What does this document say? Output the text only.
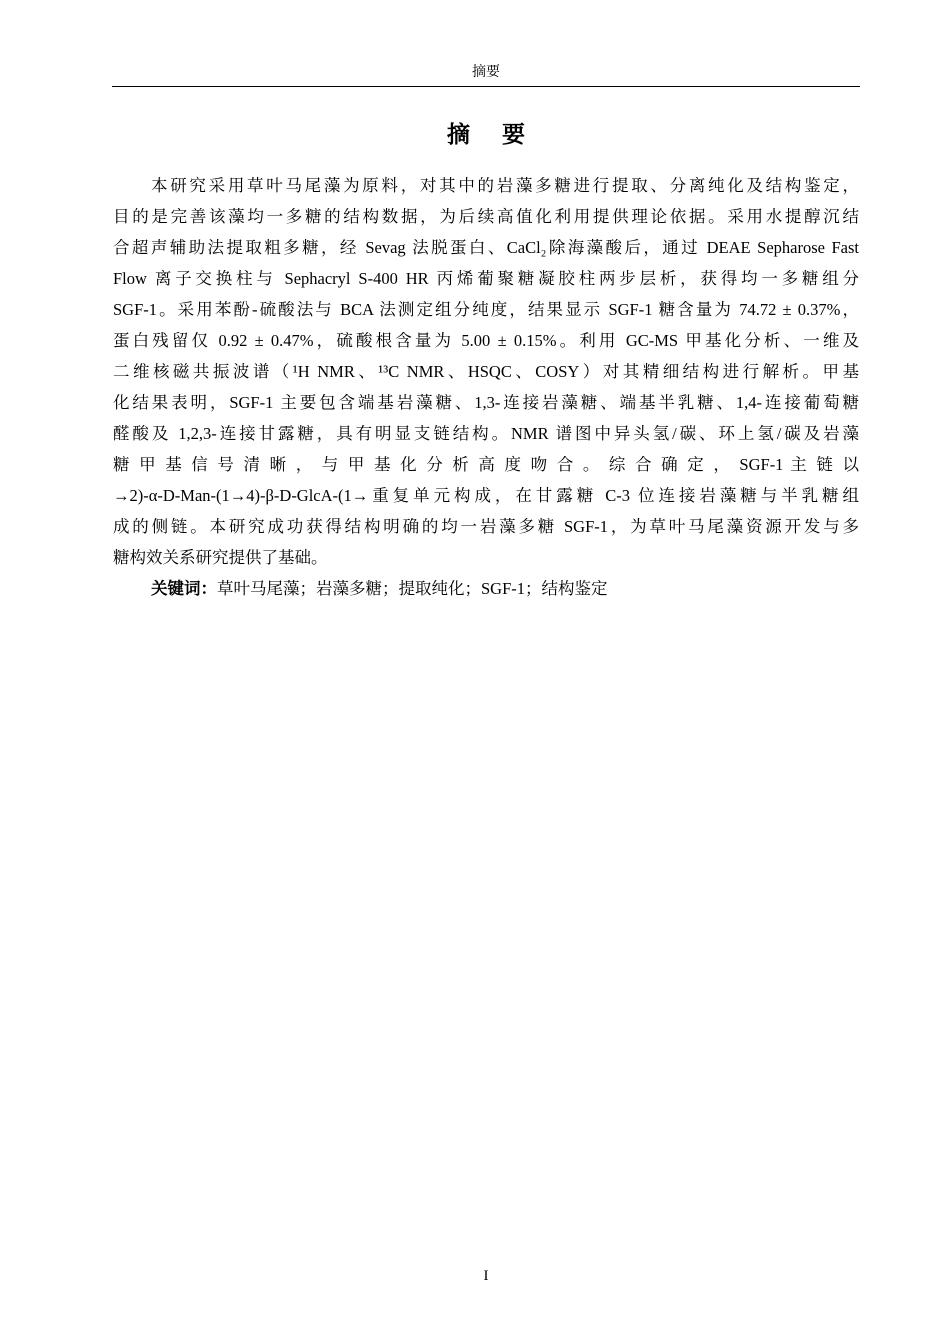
摘要
摘 要
本研究采用草叶马尾藻为原料，对其中的岩藻多糖进行提取、分离纯化及结构鉴定，
目的是完善该藻均一多糖的结构数据，为后续高值化利用提供理论依据。采用水提醇沉结
合超声辅助法提取粗多糖，经 Sevag 法脱蛋白、CaCl₂除海藻酸后，通过 DEAE Sepharose Fast
Flow 离子交换柱与 Sephacryl S-400 HR 丙烯葡聚糖凝胶柱两步层析，获得均一多糖组分
SGF-1。采用苯酚-硫酸法与 BCA 法测定组分纯度，结果显示 SGF-1 糖含量为 74.72 ± 0.37%，
蛋白残留仅 0.92 ± 0.47%，硫酸根含量为 5.00 ± 0.15%。利用 GC-MS 甲基化分析、一维及
二维核磁共振波谱（¹H NMR、¹³C NMR、HSQC、COSY）对其精细结构进行解析。甲基
化结果表明，SGF-1 主要包含端基岩藻糖、1,3-连接岩藻糖、端基半乳糖、1,4-连接葡萄糖
醛酸及 1,2,3-连接甘露糖，具有明显支链结构。NMR 谱图中异头氢/碳、环上氢/碳及岩藻
糖 甲 基 信 号 清 晰 ， 与 甲 基 化 分 析 高 度 吻 合 。 综 合 确 定 ， SGF-1 主 链 以
→2)-α-D-Man-(1→4)-β-D-GlcA-(1→重复单元构成，在甘露糖 C-3 位连接岩藻糖与半乳糖组
成的侧链。本研究成功获得结构明确的均一岩藻多糖 SGF-1，为草叶马尾藻资源开发与多
糖构效关系研究提供了基础。
关键词：草叶马尾藻；岩藻多糖；提取纯化；SGF-1；结构鉴定
I
